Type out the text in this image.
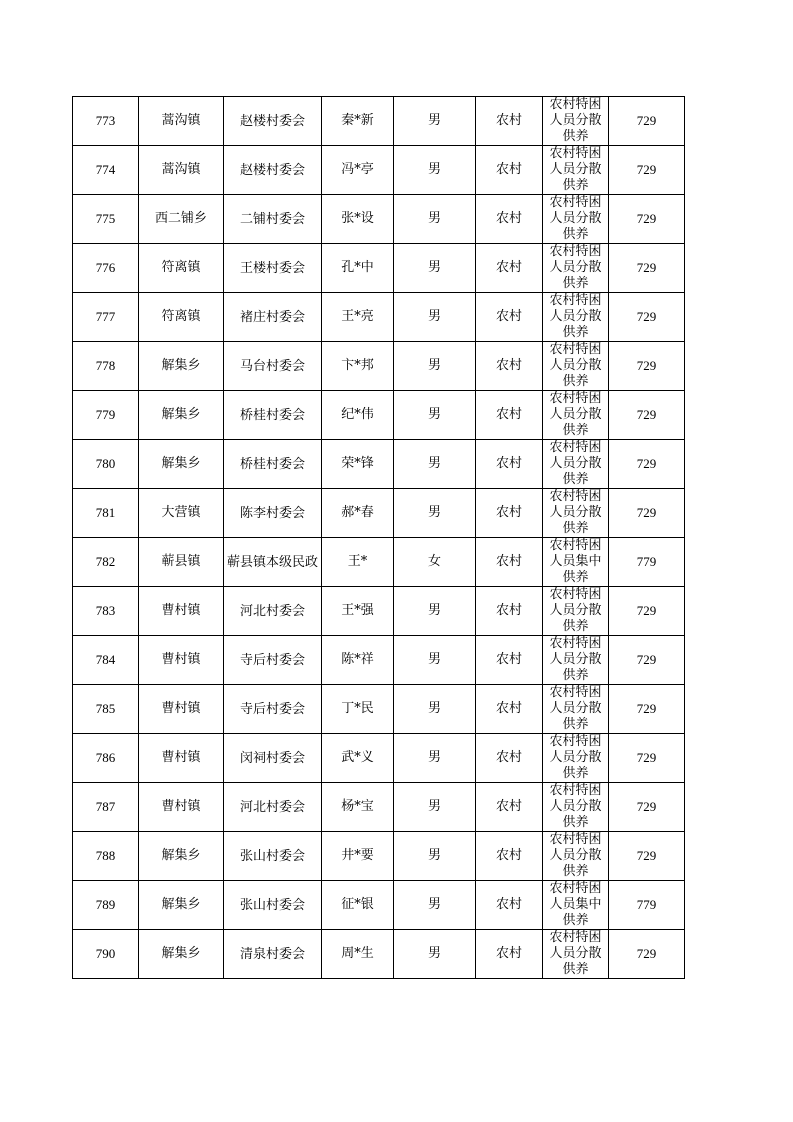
773	蒿沟镇	赵楼村委会	秦*新	男	农村	农村特困人员分散供养	729
774	蒿沟镇	赵楼村委会	冯*亭	男	农村	农村特困人员分散供养	729
775	西二铺乡	二铺村委会	张*设	男	农村	农村特困人员分散供养	729
776	符离镇	王楼村委会	孔*中	男	农村	农村特困人员分散供养	729
777	符离镇	褚庄村委会	王*亮	男	农村	农村特困人员分散供养	729
778	解集乡	马台村委会	卞*邦	男	农村	农村特困人员分散供养	729
779	解集乡	桥桂村委会	纪*伟	男	农村	农村特困人员分散供养	729
780	解集乡	桥桂村委会	荣*锋	男	农村	农村特困人员分散供养	729
781	大营镇	陈李村委会	郝*春	男	农村	农村特困人员分散供养	729
782	蕲县镇	蕲县镇本级民政	王*	女	农村	农村特困人员集中供养	779
783	曹村镇	河北村委会	王*强	男	农村	农村特困人员分散供养	729
784	曹村镇	寺后村委会	陈*祥	男	农村	农村特困人员分散供养	729
785	曹村镇	寺后村委会	丁*民	男	农村	农村特困人员分散供养	729
786	曹村镇	闵祠村委会	武*义	男	农村	农村特困人员分散供养	729
787	曹村镇	河北村委会	杨*宝	男	农村	农村特困人员分散供养	729
788	解集乡	张山村委会	井*要	男	农村	农村特困人员分散供养	729
789	解集乡	张山村委会	征*银	男	农村	农村特困人员集中供养	779
790	解集乡	清泉村委会	周*生	男	农村	农村特困人员分散供养	729
